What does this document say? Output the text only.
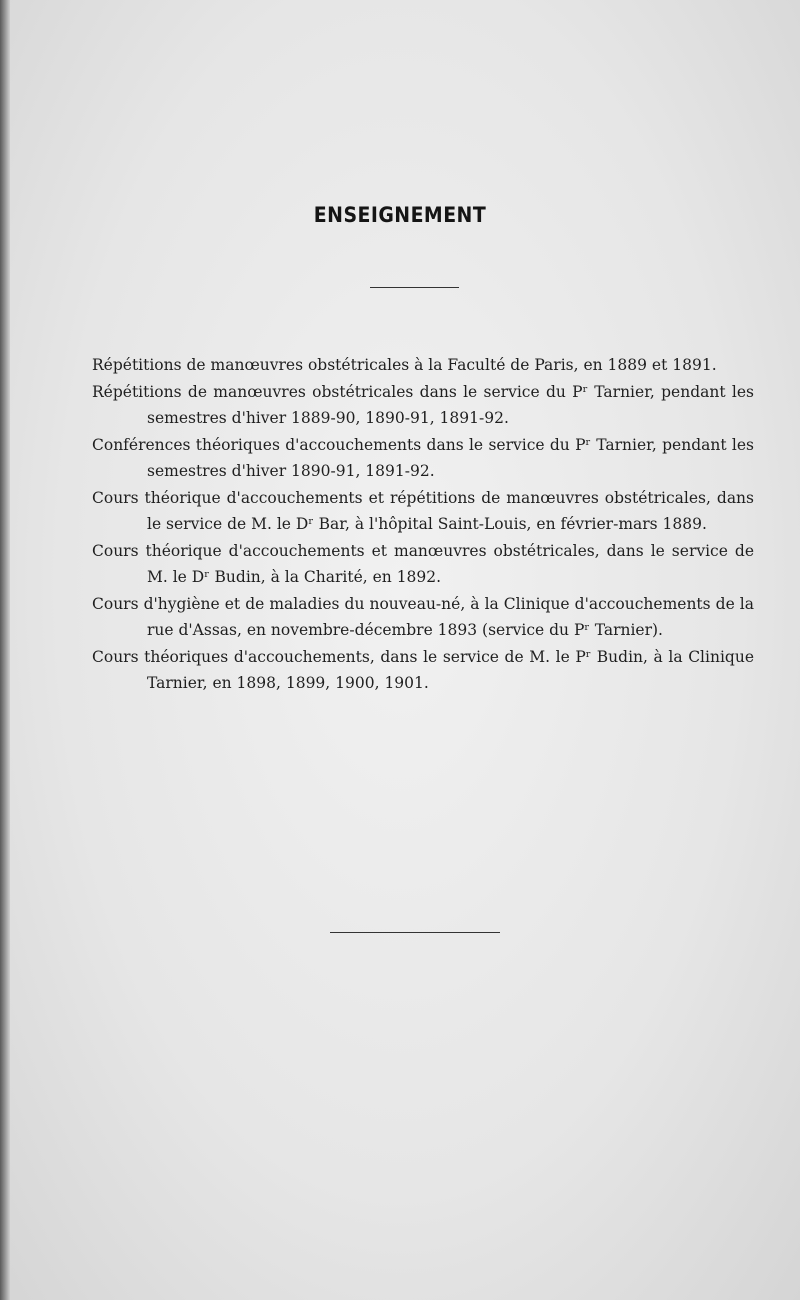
ENSEIGNEMENT

Répétitions de manœuvres obstétricales à la Faculté de Paris, en 1889 et 1891.

Répétitions de manœuvres obstétricales dans le service du Pʳ Tarnier, pendant les semestres d'hiver 1889-90, 1890-91, 1891-92.

Conférences théoriques d'accouchements dans le service du Pʳ Tarnier, pendant les semestres d'hiver 1890-91, 1891-92.

Cours théorique d'accouchements et répétitions de manœuvres obstétricales, dans le service de M. le Dʳ Bar, à l'hôpital Saint-Louis, en février-mars 1889.

Cours théorique d'accouchements et manœuvres obstétricales, dans le service de M. le Dʳ Budin, à la Charité, en 1892.

Cours d'hygiène et de maladies du nouveau-né, à la Clinique d'accouchements de la rue d'Assas, en novembre-décembre 1893 (service du Pʳ Tarnier).

Cours théoriques d'accouchements, dans le service de M. le Pʳ Budin, à la Clinique Tarnier, en 1898, 1899, 1900, 1901.
